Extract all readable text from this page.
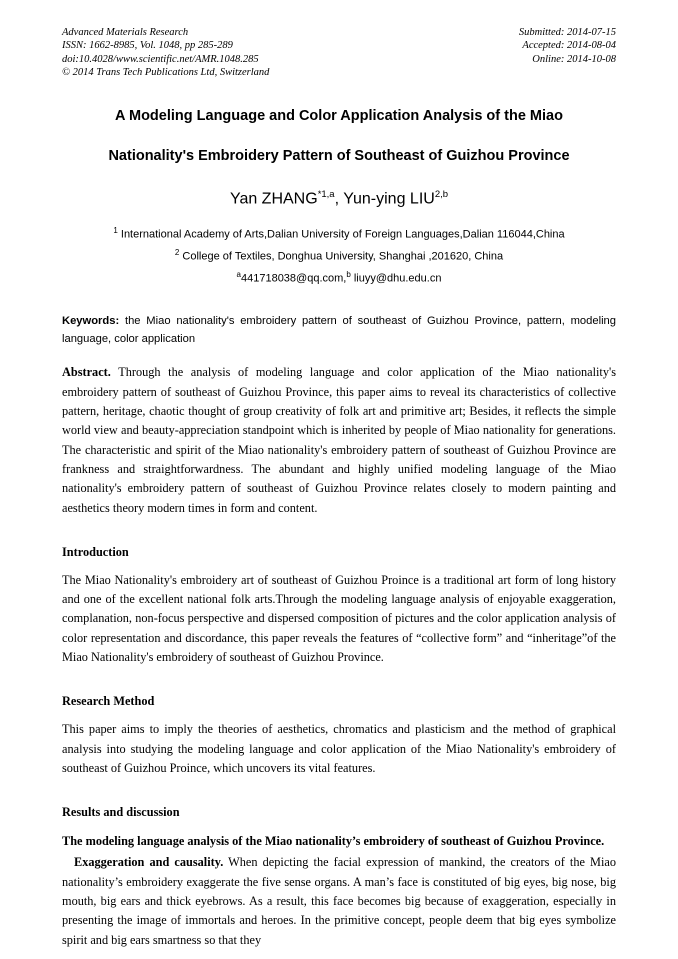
Advanced Materials Research
ISSN: 1662-8985, Vol. 1048, pp 285-289
doi:10.4028/www.scientific.net/AMR.1048.285
© 2014 Trans Tech Publications Ltd, Switzerland
Submitted: 2014-07-15
Accepted: 2014-08-04
Online: 2014-10-08
A Modeling Language and Color Application Analysis of the Miao
Nationality's Embroidery Pattern of Southeast of Guizhou Province
Yan ZHANG$^{*1,a}$, Yun-ying LIU$^{2,b}$
$^1$ International Academy of Arts,Dalian University of Foreign Languages,Dalian 116044,China
$^2$ College of Textiles, Donghua University, Shanghai ,201620, China
$^a$441718038@qq.com,$^b$ liuyy@dhu.edu.cn
Keywords: the Miao nationality's embroidery pattern of southeast of Guizhou Province, pattern, modeling language, color application
Abstract. Through the analysis of modeling language and color application of the Miao nationality's embroidery pattern of southeast of Guizhou Province, this paper aims to reveal its characteristics of collective pattern, heritage, chaotic thought of group creativity of folk art and primitive art; Besides, it reflects the simple world view and beauty-appreciation standpoint which is inherited by people of Miao nationality for generations. The characteristic and spirit of the Miao nationality's embroidery pattern of southeast of Guizhou Province are frankness and straightforwardness. The abundant and highly unified modeling language of the Miao nationality's embroidery pattern of southeast of Guizhou Province relates closely to modern painting and aesthetics theory modern times in form and content.
Introduction

The Miao Nationality's embroidery art of southeast of Guizhou Proince is a traditional art form of long history and one of the excellent national folk arts.Through the modeling language analysis of enjoyable exaggeration, complanation, non-focus perspective and dispersed composition of pictures and the color application analysis of color representation and discordance, this paper reveals the features of “collective form” and “inheritage”of the Miao Nationality's embroidery of southeast of Guizhou Province.

Research Method

This paper aims to imply the theories of aesthetics, chromatics and plasticism and the method of graphical analysis into studying the modeling language and color application of the Miao Nationality's embroidery of southeast of Guizhou Proince, which uncovers its vital features.

Results and discussion
The modeling language analysis of the Miao nationality’s embroidery of southeast of Guizhou Province.

Exaggeration and causality. When depicting the facial expression of mankind, the creators of the Miao nationality’s embroidery exaggerate the five sense organs. A man’s face is constituted of big eyes, big nose, big mouth, big ears and thick eyebrows. As a result, this face becomes big because of exaggeration, especially in presenting the image of immortals and heroes. In the primitive concept, people deem that big eyes symbolize spirit and big ears smartness so that they
